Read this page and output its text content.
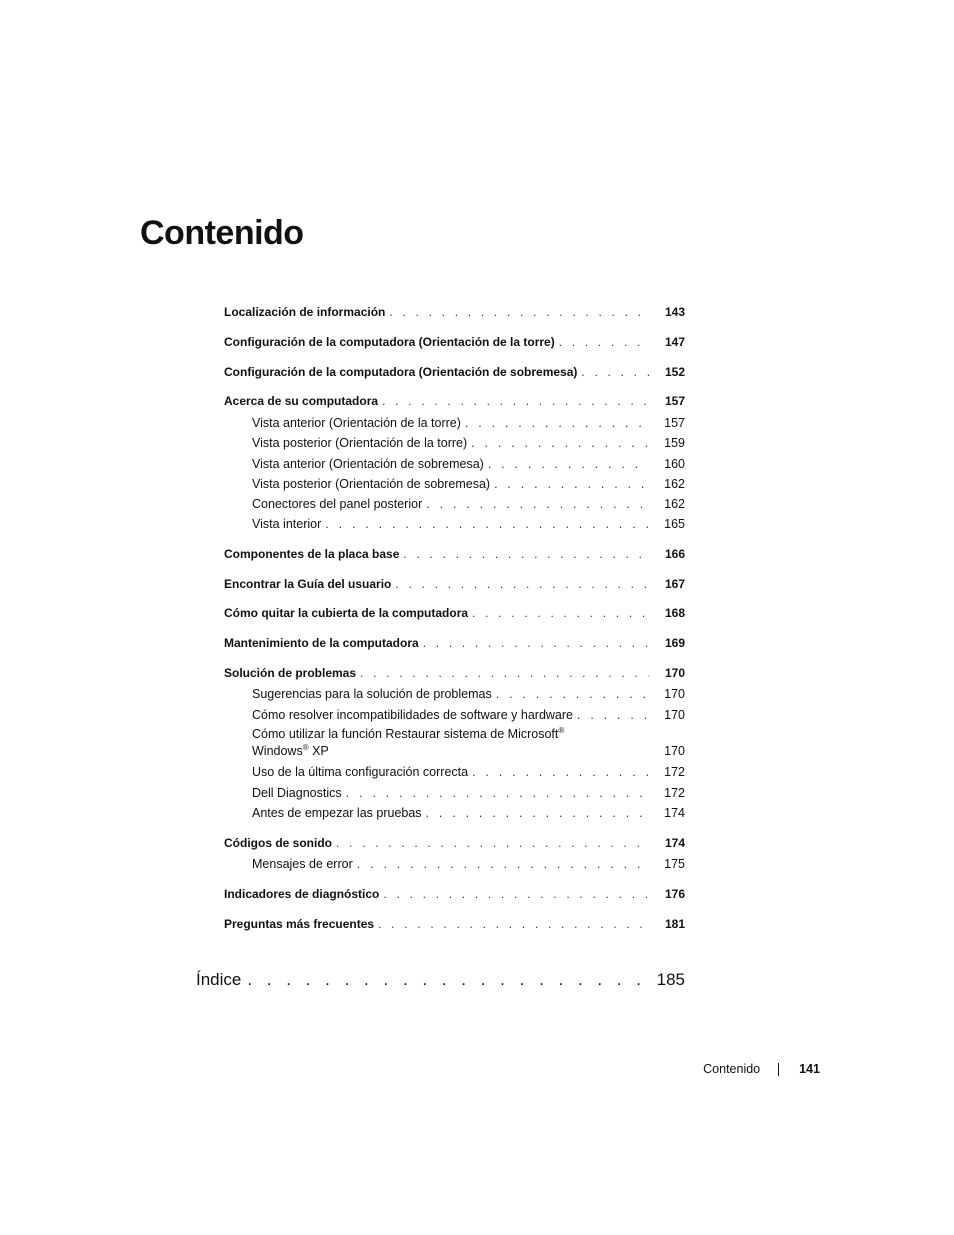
Contenido
Localización de información . . .	143
Configuración de la computadora (Orientación de la torre) . . .	147
Configuración de la computadora (Orientación de sobremesa) . . .	152
Acerca de su computadora . . .	157
Vista anterior (Orientación de la torre) . . .	157
Vista posterior (Orientación de la torre) . . .	159
Vista anterior (Orientación de sobremesa) . . .	160
Vista posterior (Orientación de sobremesa) . . .	162
Conectores del panel posterior . . .	162
Vista interior . . .	165
Componentes de la placa base . . .	166
Encontrar la Guía del usuario . . .	167
Cómo quitar la cubierta de la computadora . . .	168
Mantenimiento de la computadora . . .	169
Solución de problemas . . .	170
Sugerencias para la solución de problemas . . .	170
Cómo resolver incompatibilidades de software y hardware . . .	170
Cómo utilizar la función Restaurar sistema de Microsoft®
Windows® XP	170
Uso de la última configuración correcta . . .	172
Dell Diagnostics . . .	172
Antes de empezar las pruebas . . .	174
Códigos de sonido . . .	174
Mensajes de error . . .	175
Indicadores de diagnóstico . . .	176
Preguntas más frecuentes . . .	181
Índice . . .	185
Contenido	141
